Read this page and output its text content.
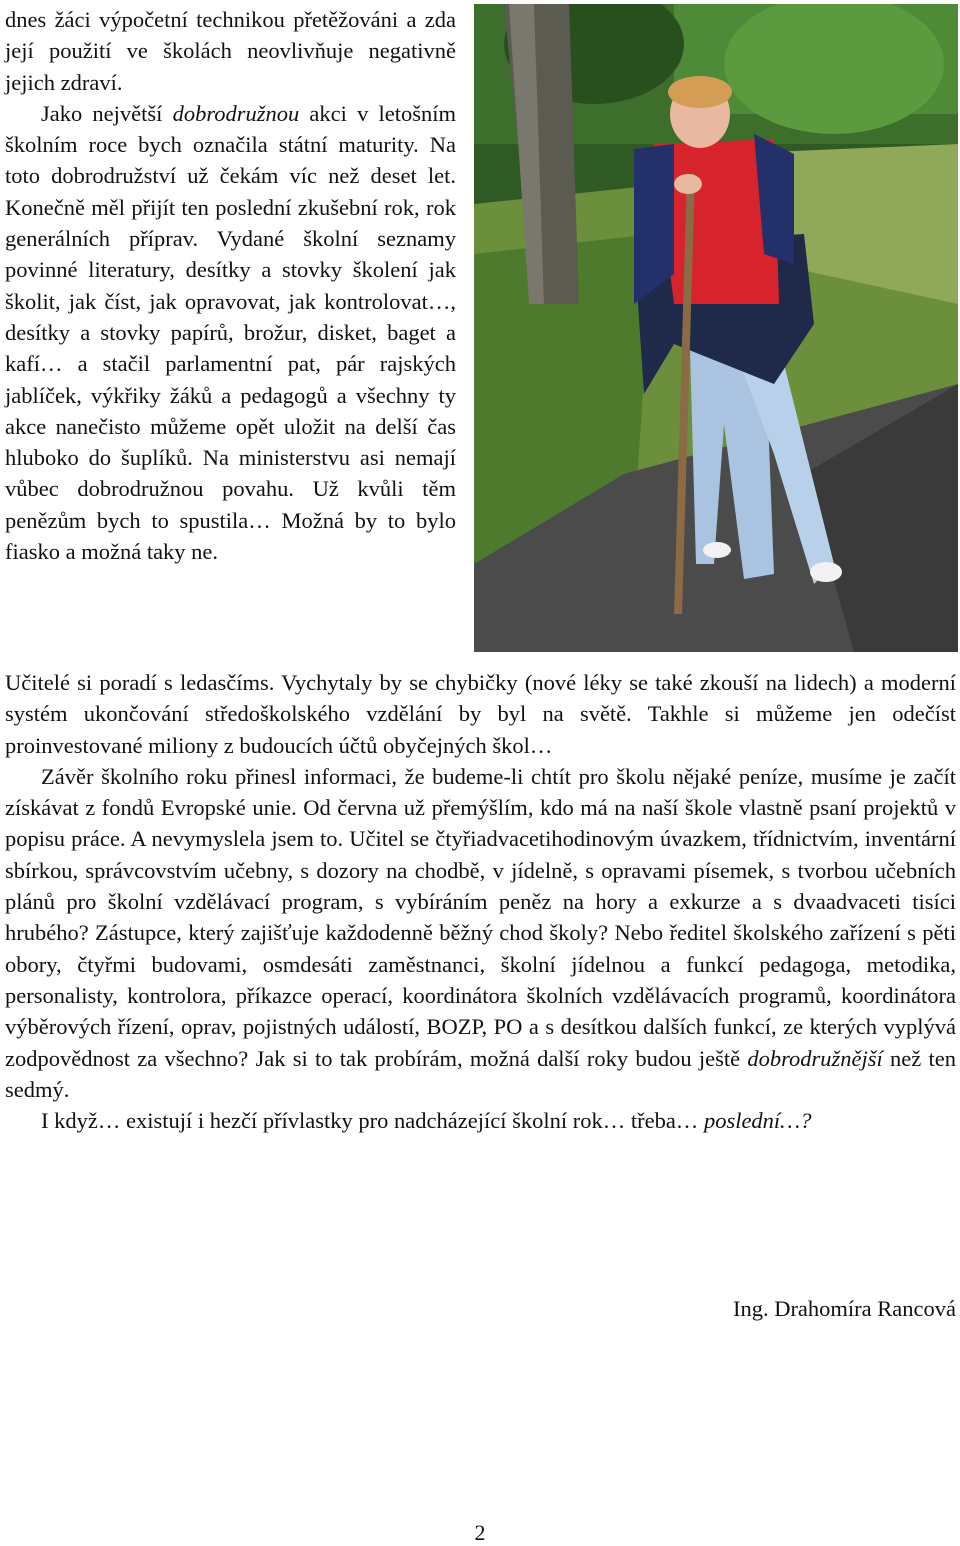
dnes žáci výpočetní technikou přetěžováni a zda její použití ve školách neovlivňuje negativně jejich zdraví.

Jako největší dobrodružnou akci v letošním školním roce bych označila státní maturity. Na toto dobrodružství už čekám víc než deset let. Konečně měl přijít ten poslední zkušební rok, rok generálních příprav. Vydané školní seznamy povinné literatury, desítky a stovky školení jak školit, jak číst, jak opravovat, jak kontrolovat…, desítky a stovky papírů, brožur, disket, baget a kafí… a stačil parlamentní pat, pár rajských jablíček, výkřiky žáků a pedagogů a všechny ty akce nanečisto můžeme opět uložit na delší čas hluboko do šuplíků. Na ministerstvu asi nemají vůbec dobrodružnou povahu. Už kvůli těm penězům bych to spustila… Možná by to bylo fiasko a možná taky ne.

Učitelé si poradí s ledasčíms. Vychytaly by se chybičky (nové léky se také zkouší na lidech) a moderní systém ukončování středoškolského vzdělání by byl na světě. Takhle si můžeme jen odečíst proinvestované miliony z budoucích účtů obyčejných škol…

Závěr školního roku přinesl informaci, že budeme-li chtít pro školu nějaké peníze, musíme je začít získávat z fondů Evropské unie. Od června už přemýšlím, kdo má na naší škole vlastně psaní projektů v popisu práce. A nevymyslela jsem to. Učitel se čtyřiadvacetihodinovým úvazkem, třídnictvím, inventární sbírkou, správcovstvím učebny, s dozory na chodbě, v jídelně, s opravami písemek, s tvorbou učebních plánů pro školní vzdělávací program, s vybíráním peněz na hory a exkurze a s dvaadvaceti tisíci hrubého? Zástupce, který zajišťuje každodenně běžný chod školy? Nebo ředitel školského zařízení s pěti obory, čtyřmi budovami, osmdesáti zaměstnanci, školní jídelnou a funkcí pedagoga, metodika, personalisty, kontrolora, příkazce operací, koordinátora školních vzdělávacích programů, koordinátora výběrových řízení, oprav, pojistných událostí, BOZP, PO a s desítkou dalších funkcí, ze kterých vyplývá zodpovědnost za všechno? Jak si to tak probírám, možná další roky budou ještě dobrodružnější než ten sedmý.

I když… existují i hezčí přívlastky pro nadcházející školní rok… třeba… poslední…?

Ing. Drahomíra Rancová
2
